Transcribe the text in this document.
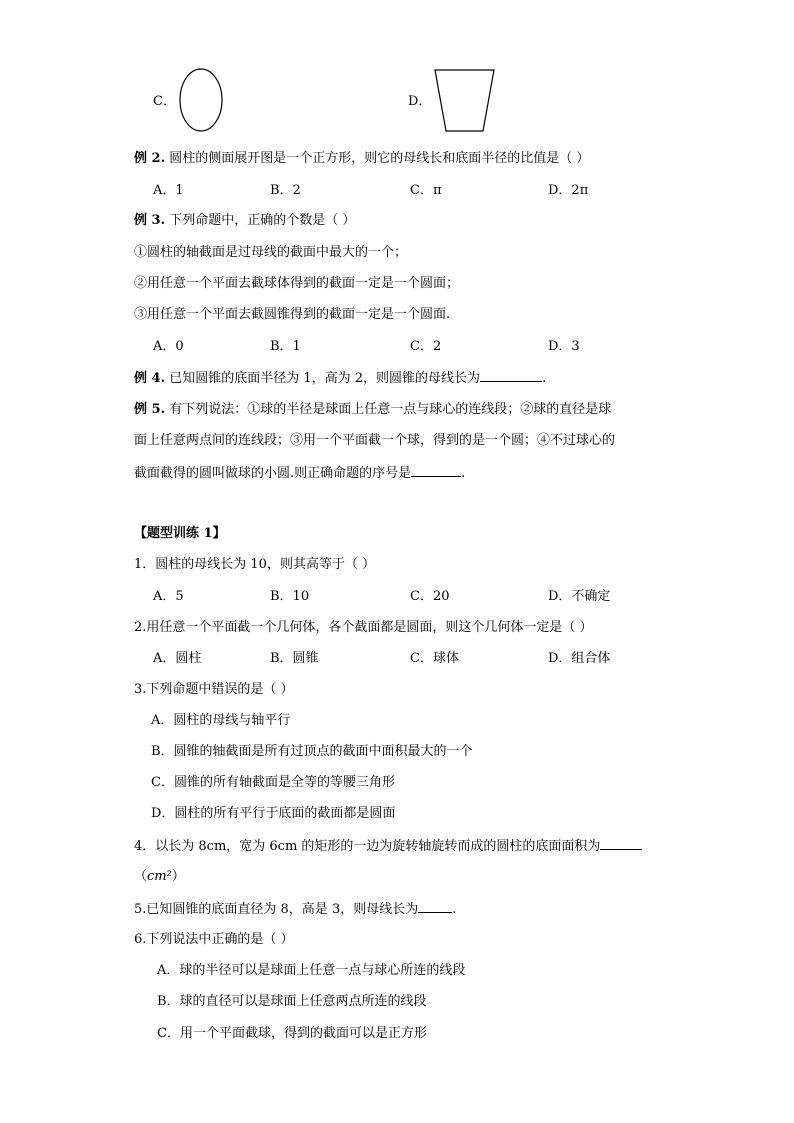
C．	D．
例 2. 圆柱的侧面展开图是一个正方形，则它的母线长和底面半径的比值是（ ）
A．1	B．2	C．π	D．2π
例 3. 下列命题中，正确的个数是（ ）
①圆柱的轴截面是过母线的截面中最大的一个；
②用任意一个平面去截球体得到的截面一定是一个圆面；
③用任意一个平面去截圆锥得到的截面一定是一个圆面.
A．0	B．1	C．2	D．3
例 4. 已知圆锥的底面半径为 1，高为 2，则圆锥的母线长为	.
例 5. 有下列说法：①球的半径是球面上任意一点与球心的连线段；②球的直径是球
面上任意两点间的连线段；③用一个平面截一个球，得到的是一个圆；④不过球心的
截面截得的圆叫做球的小圆.则正确命题的序号是	.
【题型训练 1】
1．圆柱的母线长为 10，则其高等于（ ）
A．5	B．10	C．20	D．不确定
2.用任意一个平面截一个几何体，各个截面都是圆面，则这个几何体一定是（ ）
A．圆柱	B．圆锥	C．球体	D．组合体
3.下列命题中错误的是（ ）
A．圆柱的母线与轴平行
B．圆锥的轴截面是所有过顶点的截面中面积最大的一个
C．圆锥的所有轴截面是全等的等腰三角形
D．圆柱的所有平行于底面的截面都是圆面
4．以长为 8cm，宽为 6cm 的矩形的一边为旋转轴旋转而成的圆柱的底面面积为
（cm²）
5.已知圆锥的底面直径为 8，高是 3，则母线长为	.
6.下列说法中正确的是（ ）
A．球的半径可以是球面上任意一点与球心所连的线段
B．球的直径可以是球面上任意两点所连的线段
C．用一个平面截球，得到的截面可以是正方形
